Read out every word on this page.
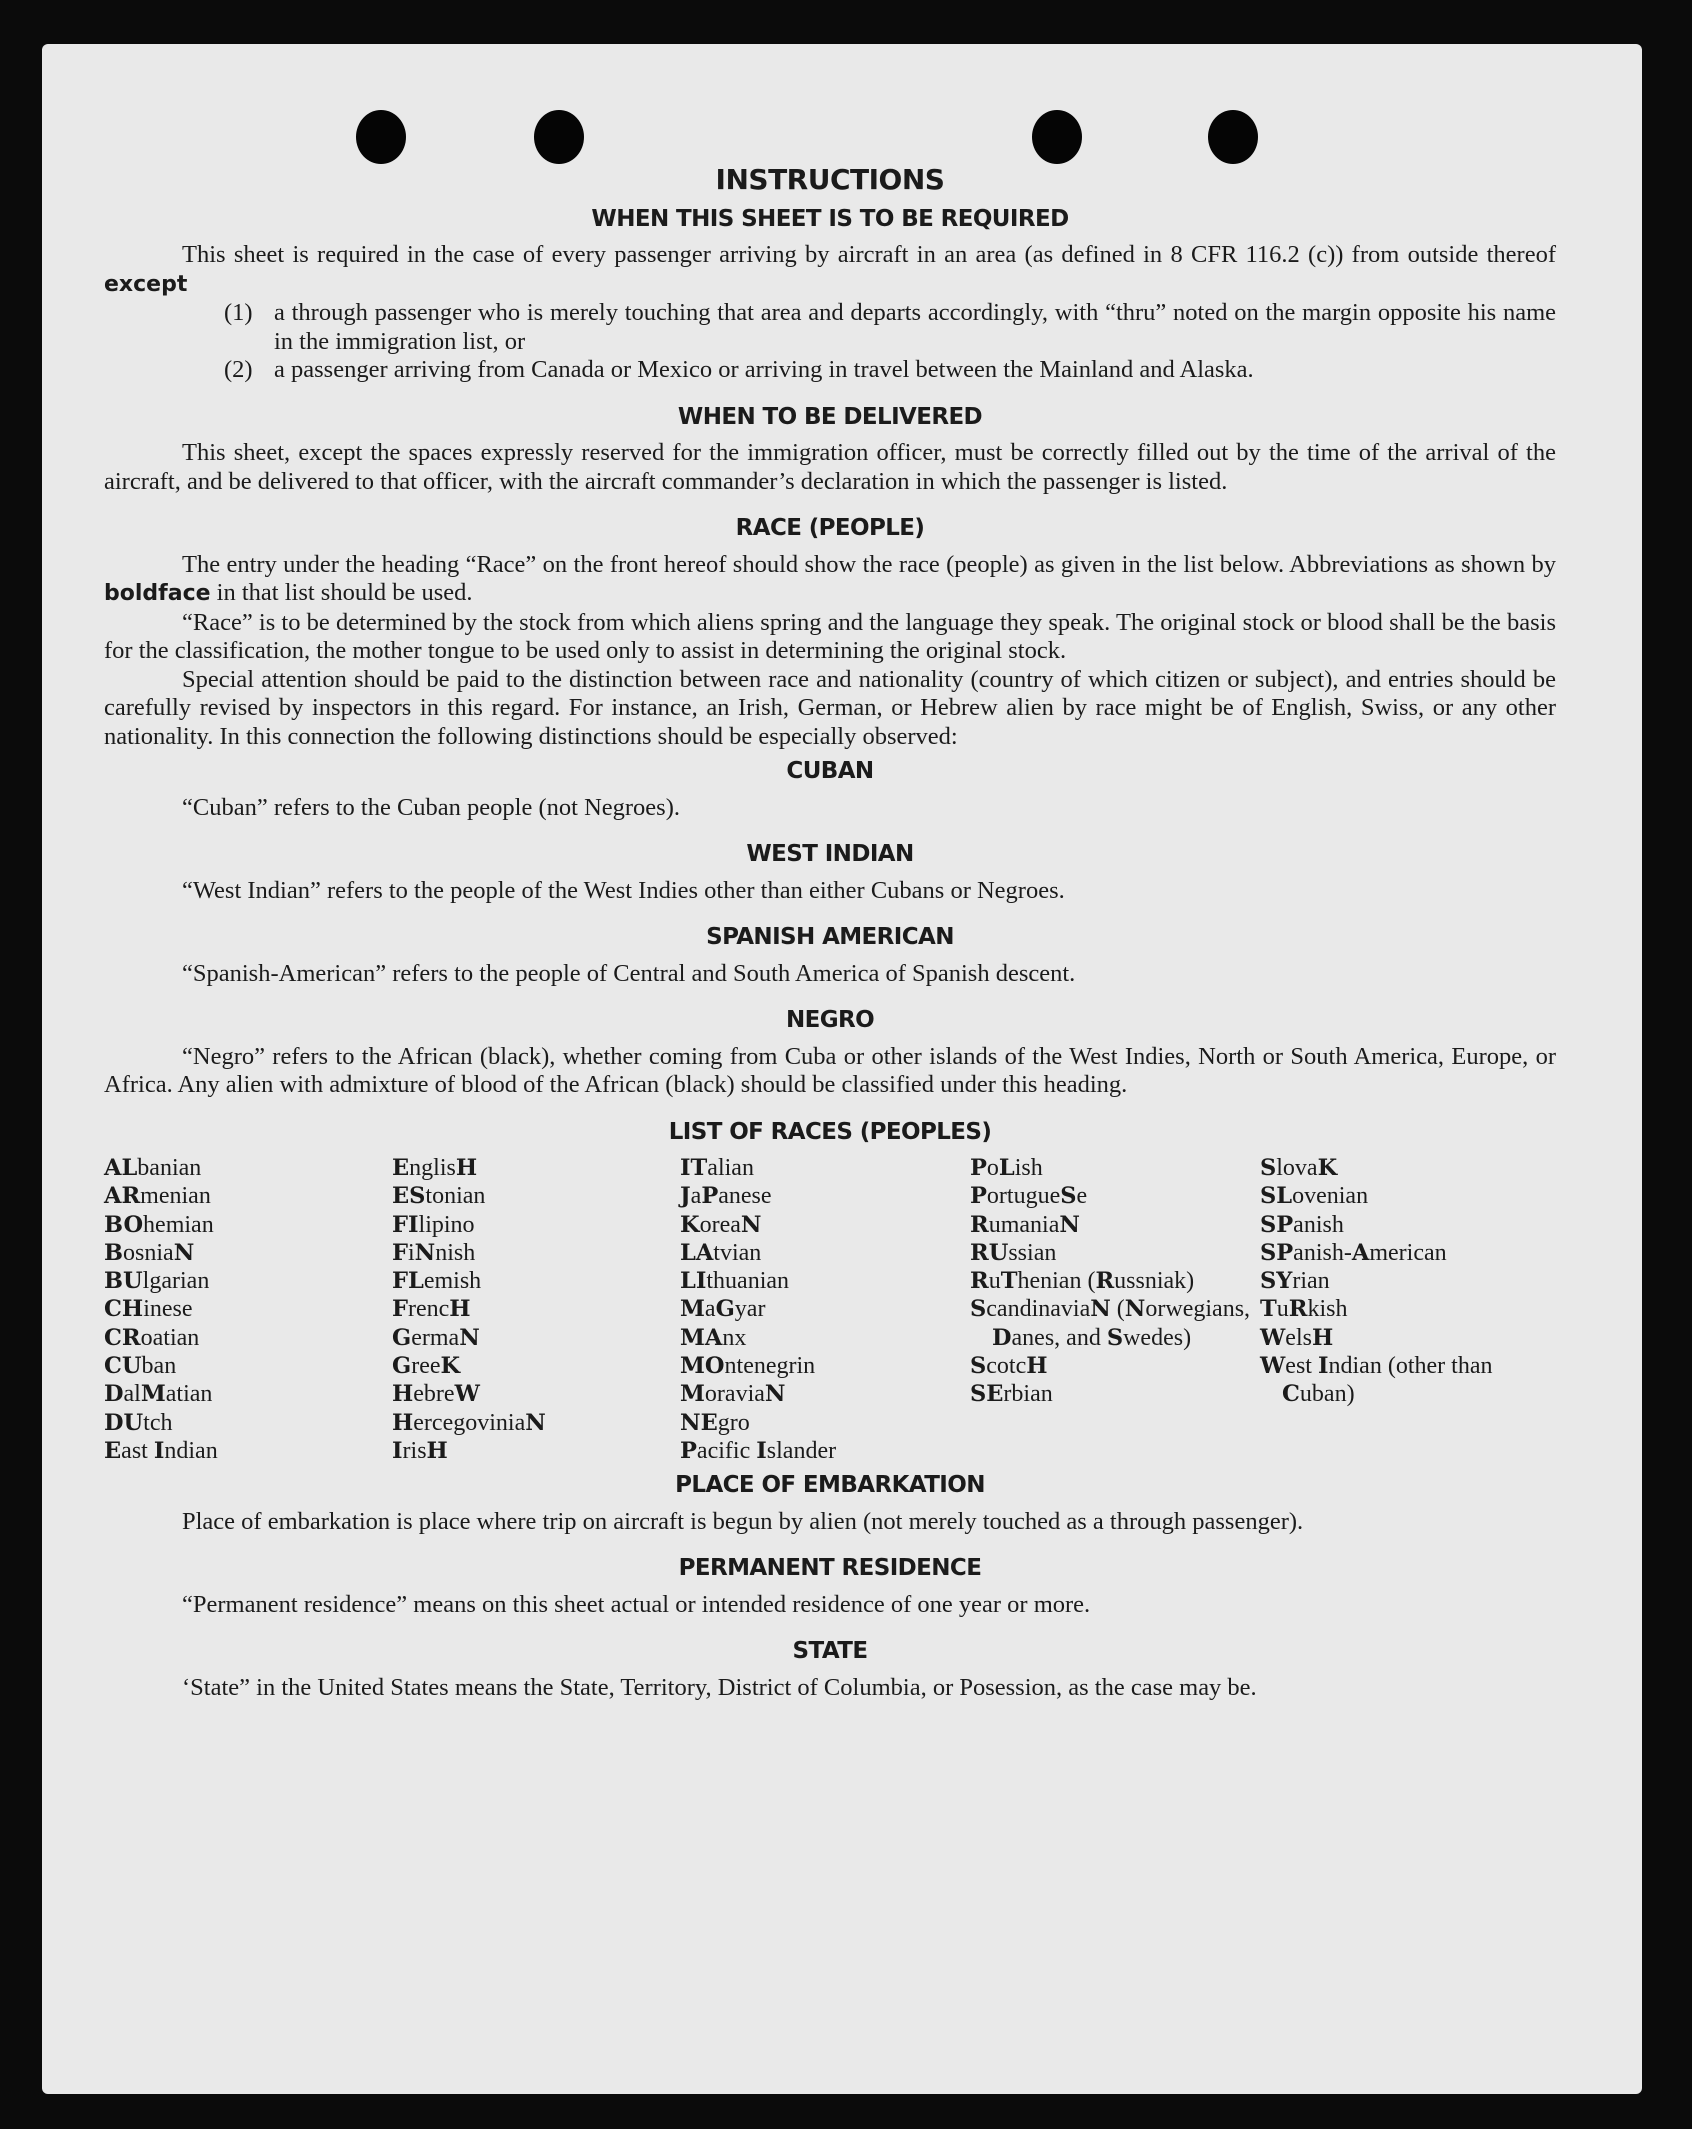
INSTRUCTIONS
WHEN THIS SHEET IS TO BE REQUIRED

This sheet is required in the case of every passenger arriving by aircraft in an area (as defined in 8 CFR 116.2 (c)) from outside thereof except

(1) a through passenger who is merely touching that area and departs accordingly, with “thru” noted on the margin opposite his name in the immigration list, or
(2) a passenger arriving from Canada or Mexico or arriving in travel between the Mainland and Alaska.
WHEN TO BE DELIVERED

This sheet, except the spaces expressly reserved for the immigration officer, must be correctly filled out by the time of the arrival of the aircraft, and be delivered to that officer, with the aircraft commander’s declaration in which the passenger is listed.

RACE (PEOPLE)

The entry under the heading “Race” on the front hereof should show the race (people) as given in the list below. Abbreviations as shown by boldface in that list should be used.

“Race” is to be determined by the stock from which aliens spring and the language they speak. The original stock or blood shall be the basis for the classification, the mother tongue to be used only to assist in determining the original stock.

Special attention should be paid to the distinction between race and nationality (country of which citizen or subject), and entries should be carefully revised by inspectors in this regard. For instance, an Irish, German, or Hebrew alien by race might be of English, Swiss, or any other nationality. In this connection the following distinctions should be especially observed:

CUBAN

“Cuban” refers to the Cuban people (not Negroes).

WEST INDIAN

“West Indian” refers to the people of the West Indies other than either Cubans or Negroes.

SPANISH AMERICAN

“Spanish-American” refers to the people of Central and South America of Spanish descent.

NEGRO

“Negro” refers to the African (black), whether coming from Cuba or other islands of the West Indies, North or South America, Europe, or Africa. Any alien with admixture of blood of the African (black) should be classified under this heading.

LIST OF RACES (PEOPLES)
ALbanian
ARmenian
BOhemian
BosniaN
BUlgarian
CHinese
CRoatian
CUban
DalMatian
DUtch
East Indian
EnglisH
EStonian
FIlipino
FiNnish
FLemish
FrencH
GermaN
GreeK
HebreW
HercegoviniaN
IrisH
ITalian
JaPanese
KoreaN
LAtvian
LIthuanian
MaGyar
MAnx
MOntenegrin
MoraviaN
NEgro
Pacific Islander
PoLish
PortugueSe
RumaniaN
RUssian
RuThenian (Russniak)
ScandinaviaN (Norwegians, Danes, and Swedes)
ScotcH
SErbian
SlovaK
SLovenian
SPanish
SPanish-American
SYrian
TuRkish
WelsH
West Indian (other than Cuban)
PLACE OF EMBARKATION

Place of embarkation is place where trip on aircraft is begun by alien (not merely touched as a through passenger).

PERMANENT RESIDENCE

“Permanent residence” means on this sheet actual or intended residence of one year or more.

STATE

‘State” in the United States means the State, Territory, District of Columbia, or Posession, as the case may be.
